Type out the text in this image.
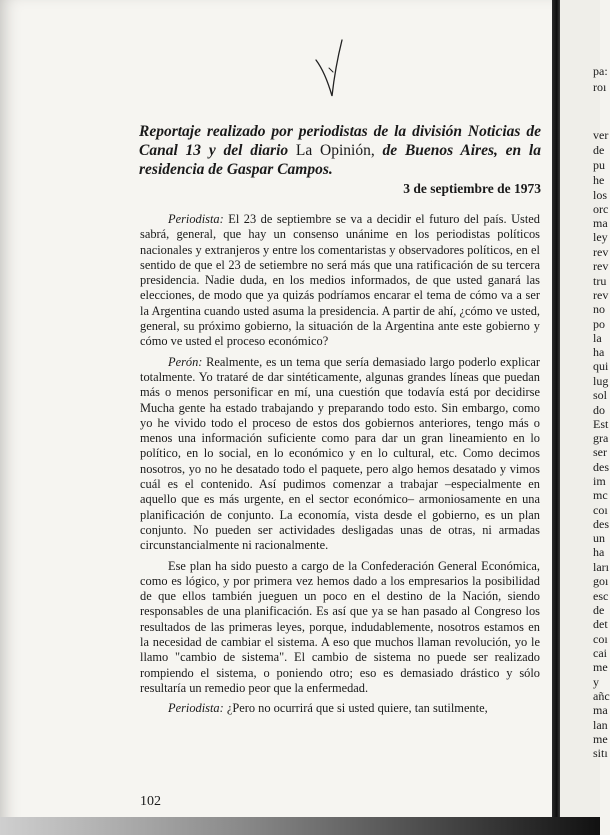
Reportaje realizado por periodistas de la división Noticias de Canal 13 y del diario La Opinión, de Buenos Aires, en la residencia de Gaspar Campos.
3 de septiembre de 1973

Periodista: El 23 de septiembre se va a decidir el futuro del país. Usted sabrá, general, que hay un consenso unánime en los periodistas políticos nacionales y extranjeros y entre los comentaristas y observadores políticos, en el sentido de que el 23 de setiembre no será más que una ratificación de su tercera presidencia. Nadie duda, en los medios informados, de que usted ganará las elecciones, de modo que ya quizás podríamos encarar el tema de cómo va a ser la Argentina cuando usted asuma la presidencia. A partir de ahí, ¿cómo ve usted, general, su próximo gobierno, la situación de la Argentina ante este gobierno y cómo ve usted el proceso económico?

Perón: Realmente, es un tema que sería demasiado largo poderlo explicar totalmente. Yo trataré de dar sintéticamente, algunas grandes líneas que puedan más o menos personificar en mí, una cuestión que todavía está por decidirse Mucha gente ha estado trabajando y preparando todo esto. Sin embargo, como yo he vivido todo el proceso de estos dos gobiernos anteriores, tengo más o menos una información suficiente como para dar un gran lineamiento en lo político, en lo social, en lo económico y en lo cultural, etc. Como decimos nosotros, yo no he desatado todo el paquete, pero algo hemos desatado y vimos cuál es el contenido. Así pudimos comenzar a trabajar –especialmente en aquello que es más urgente, en el sector económico– armoniosamente en una planificación de conjunto. La economía, vista desde el gobierno, es un plan conjunto. No pueden ser actividades desligadas unas de otras, ni armadas circunstancialmente ni racionalmente.

Ese plan ha sido puesto a cargo de la Confederación General Económica, como es lógico, y por primera vez hemos dado a los empresarios la posibilidad de que ellos también jueguen un poco en el destino de la Nación, siendo responsables de una planificación. Es así que ya se han pasado al Congreso los resultados de las primeras leyes, porque, indudablemente, nosotros estamos en la necesidad de cambiar el sistema. A eso que muchos llaman revolución, yo le llamo "cambio de sistema". El cambio de sistema no puede ser realizado rompiendo el sistema, o poniendo otro; eso es demasiado drástico y sólo resultaría un remedio peor que la enfermedad.

Periodista: ¿Pero no ocurrirá que si usted quiere, tan sutilmente,

102
pa:
roı
ver
de
pu
he
los
orc
ma
ley
rev
rev
tru
rev
no
po
la
ha
qui
lug
sol
do
Est
gra
ser
des
im
mc
coı
des
un
ha
ları
goı
esc
de
det
coı
cai
me
y
añc
ma
lan
me
sitı
